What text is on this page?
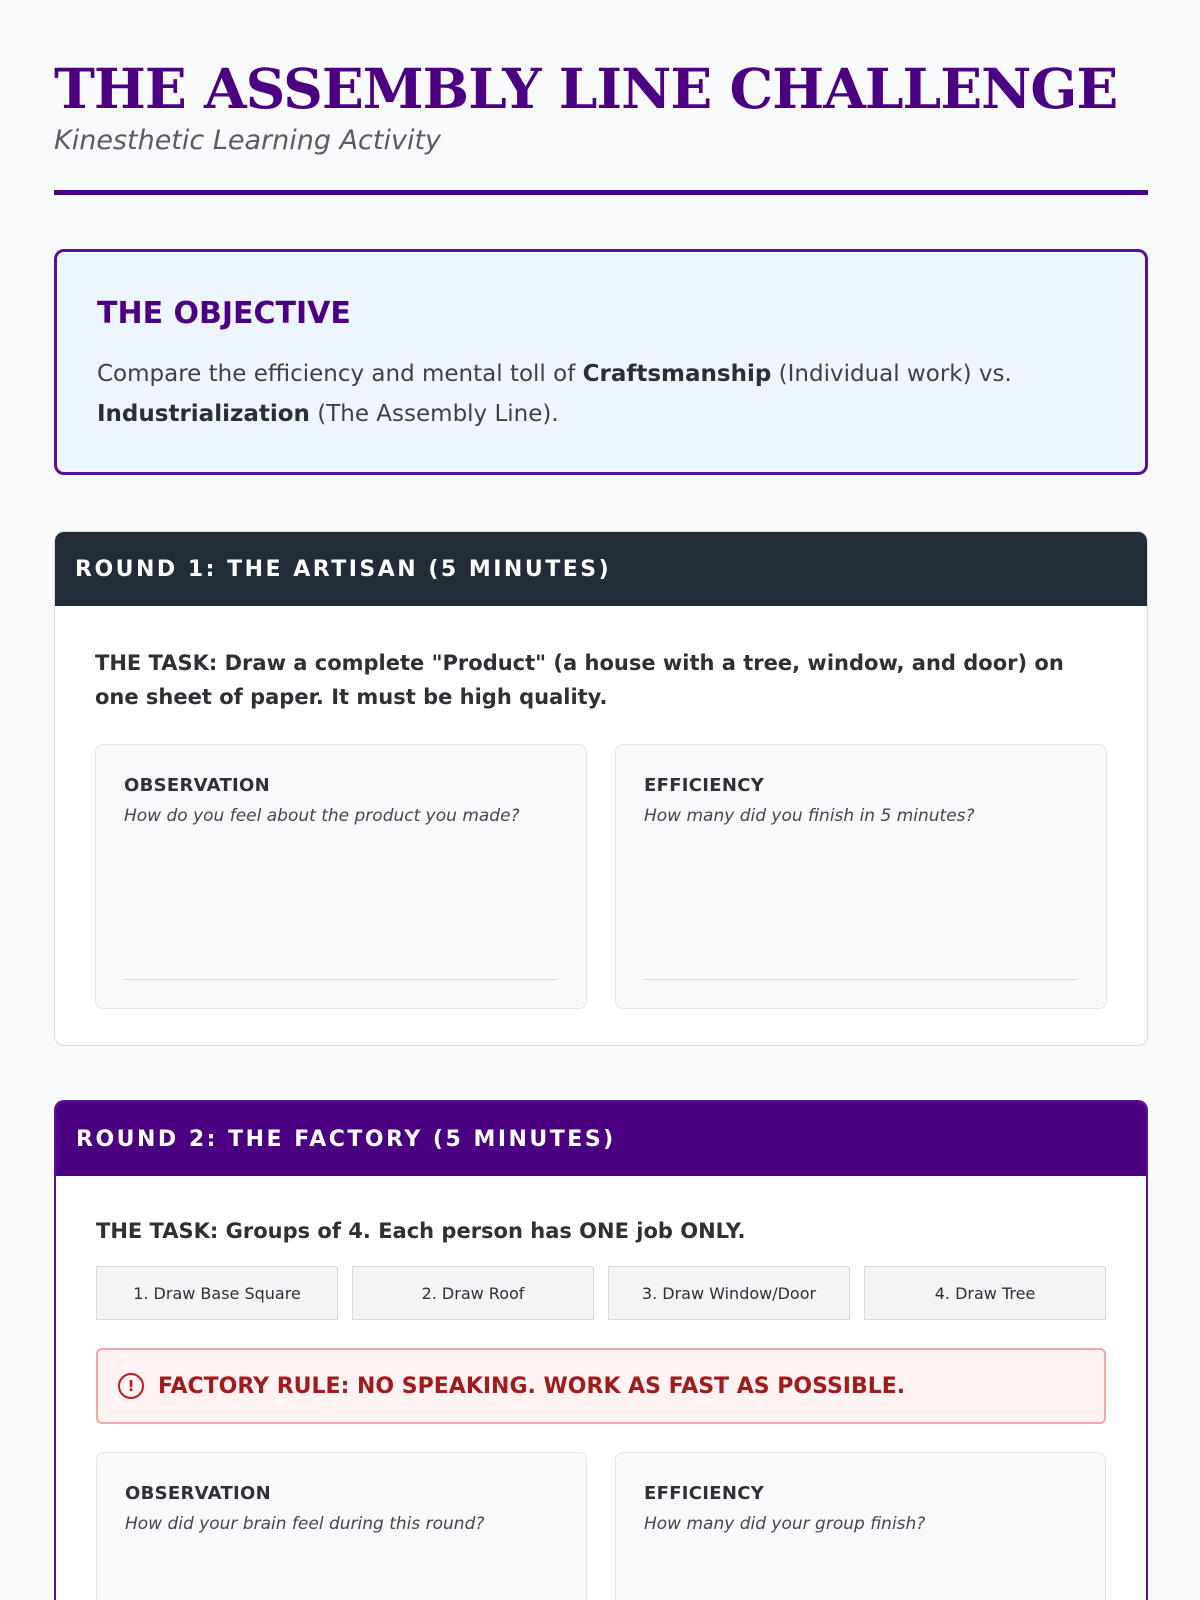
THE ASSEMBLY LINE CHALLENGE
Kinesthetic Learning Activity
THE OBJECTIVE

Compare the efficiency and mental toll of Craftsmanship (Individual work) vs. Industrialization (The Assembly Line).

ROUND 1: THE ARTISAN (5 MINUTES)
THE TASK: Draw a complete "Product" (a house with a tree, window, and door) on one sheet of paper. It must be high quality.
OBSERVATION
How do you feel about the product you made?
EFFICIENCY
How many did you finish in 5 minutes?
ROUND 2: THE FACTORY (5 MINUTES)
THE TASK: Groups of 4. Each person has ONE job ONLY.
1. Draw Base Square	2. Draw Roof	3. Draw Window/Door	4. Draw Tree
!	FACTORY RULE: NO SPEAKING. WORK AS FAST AS POSSIBLE.
OBSERVATION
How did your brain feel during this round?
EFFICIENCY
How many did your group finish?
